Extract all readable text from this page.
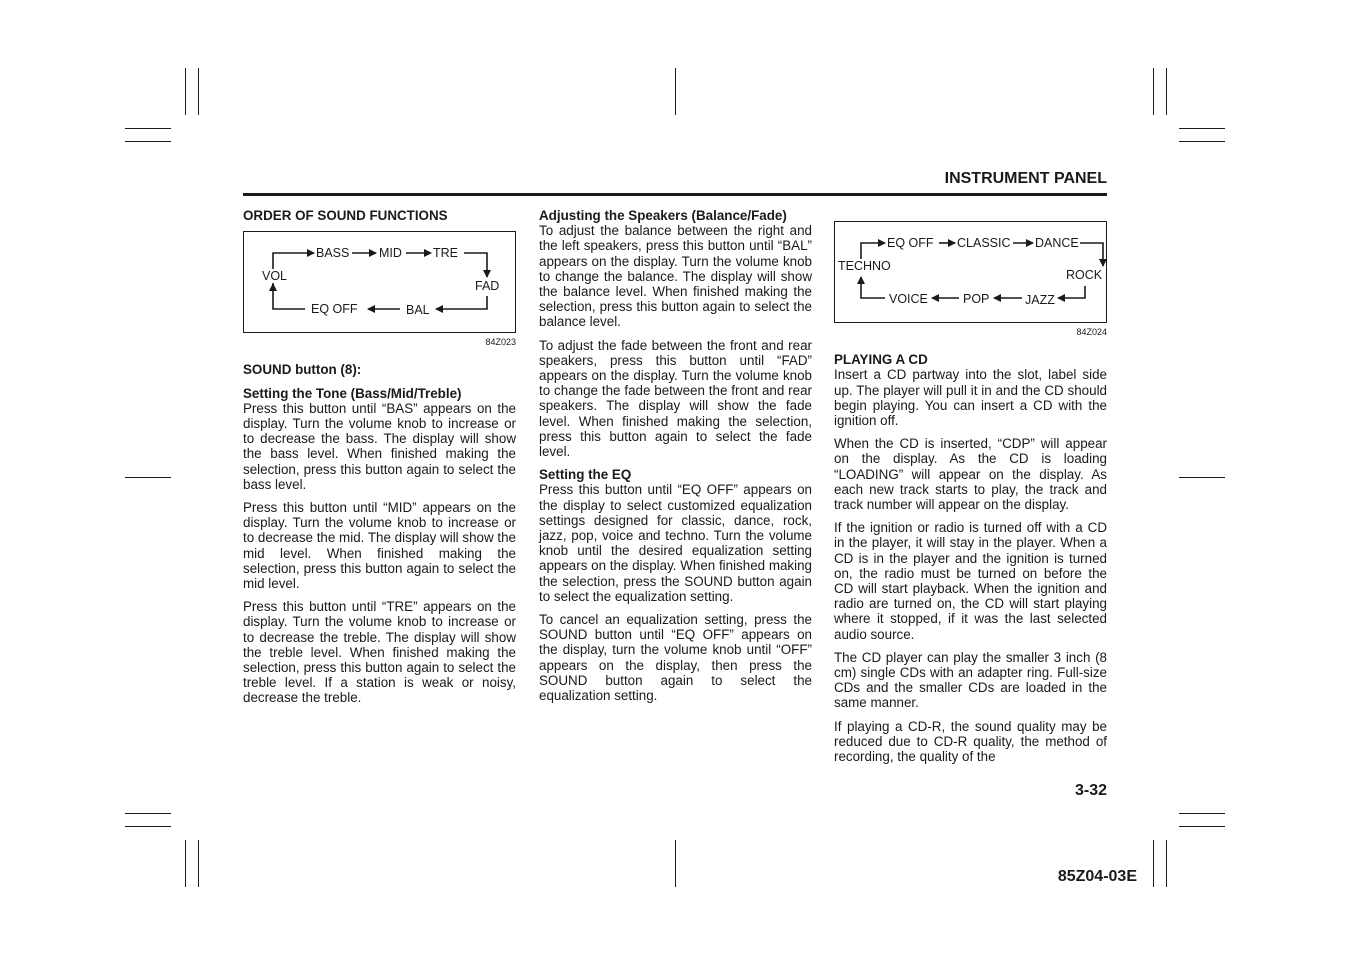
INSTRUMENT PANEL
ORDER OF SOUND FUNCTIONS
BASS MID TRE
VOL
FAD
EQ OFF	BAL
84Z023
SOUND button (8):
Setting the Tone (Bass/Mid/Treble)

Press this button until “BAS” appears on the display. Turn the volume knob to increase or to decrease the bass. The display will show the bass level. When finished making the selection, press this button again to select the bass level.

Press this button until “MID” appears on the display. Turn the volume knob to increase or to decrease the mid. The display will show the mid level. When finished making the selection, press this button again to select the mid level.

Press this button until “TRE” appears on the display. Turn the volume knob to increase or to decrease the treble. The display will show the treble level. When finished making the selection, press this button again to select the treble level. If a station is weak or noisy, decrease the treble.

Adjusting the Speakers (Balance/Fade)

To adjust the balance between the right and the left speakers, press this button until “BAL” appears on the display. Turn the volume knob to change the balance. The display will show the balance level. When finished making the selection, press this button again to select the balance level.

To adjust the fade between the front and rear speakers, press this button until “FAD” appears on the display. Turn the volume knob to change the fade between the front and rear speakers. The display will show the fade level. When finished making the selection, press this button again to select the fade level.

Setting the EQ

Press this button until “EQ OFF” appears on the display to select customized equalization settings designed for classic, dance, rock, jazz, pop, voice and techno. Turn the volume knob until the desired equalization setting appears on the display. When finished making the selection, press the SOUND button again to select the equalization setting.

To cancel an equalization setting, press the SOUND button until “EQ OFF” appears on the display, turn the volume knob until “OFF” appears on the display, then press the SOUND button again to select the equalization setting.

EQ OFF CLASSIC DANCE
TECHNO
ROCK
VOICE	POP	JAZZ
84Z024
PLAYING A CD

Insert a CD partway into the slot, label side up. The player will pull it in and the CD should begin playing. You can insert a CD with the ignition off.

When the CD is inserted, “CDP” will appear on the display. As the CD is loading “LOADING” will appear on the display. As each new track starts to play, the track and track number will appear on the display.

If the ignition or radio is turned off with a CD in the player, it will stay in the player. When a CD is in the player and the ignition is turned on, the radio must be turned on before the CD will start playback. When the ignition and radio are turned on, the CD will start playing where it stopped, if it was the last selected audio source.

The CD player can play the smaller 3 inch (8 cm) single CDs with an adapter ring. Full-size CDs and the smaller CDs are loaded in the same manner.

If playing a CD-R, the sound quality may be reduced due to CD-R quality, the method of recording, the quality of the

3-32
85Z04-03E
